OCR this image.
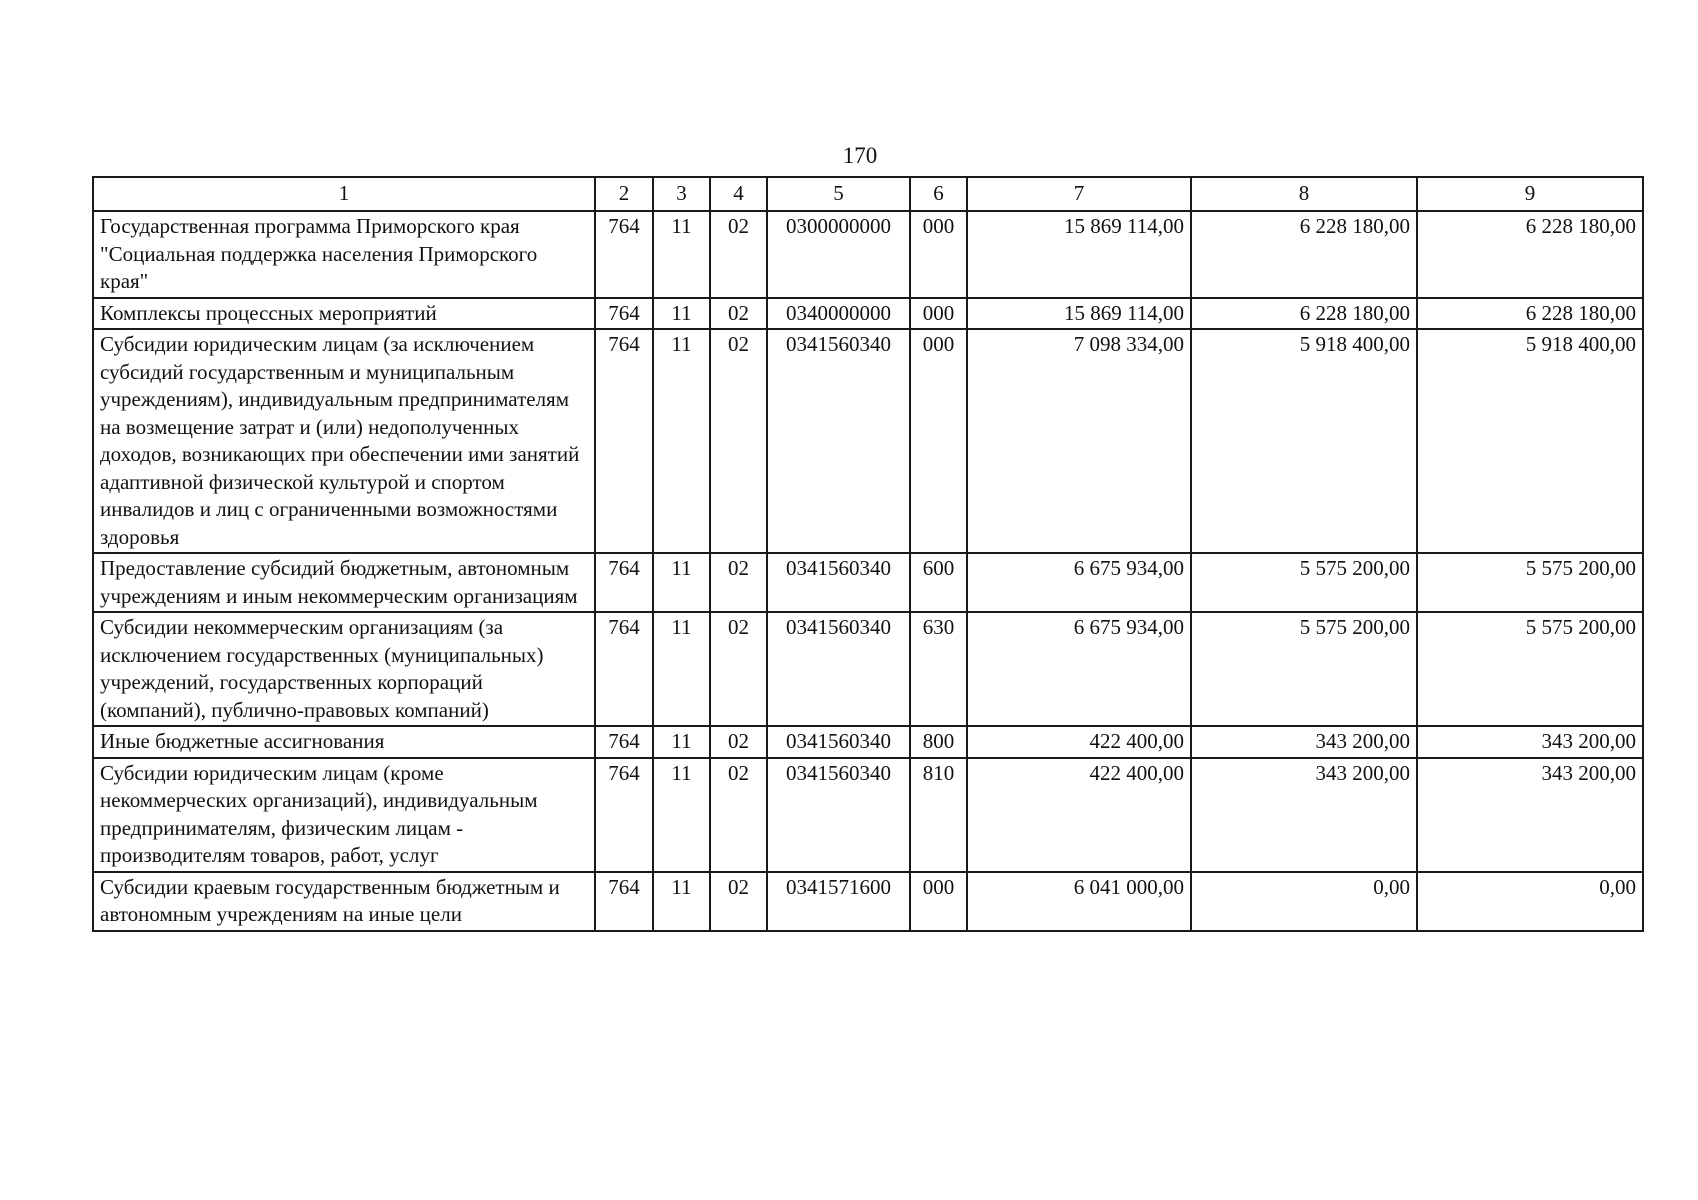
170
1	2	3	4	5	6	7	8	9
Государственная программа Приморского края "Социальная поддержка населения Приморского края"	764	11	02	0300000000	000	15 869 114,00	6 228 180,00	6 228 180,00
Комплексы процессных мероприятий	764	11	02	0340000000	000	15 869 114,00	6 228 180,00	6 228 180,00
Субсидии юридическим лицам (за исключением субсидий государственным и муниципальным учреждениям), индивидуальным предпринимателям на возмещение затрат и (или) недополученных доходов, возникающих при обеспечении ими занятий адаптивной физической культурой и спортом инвалидов и лиц с ограниченными возможностями здоровья	764	11	02	0341560340	000	7 098 334,00	5 918 400,00	5 918 400,00
Предоставление субсидий бюджетным, автономным учреждениям и иным некоммерческим организациям	764	11	02	0341560340	600	6 675 934,00	5 575 200,00	5 575 200,00
Субсидии некоммерческим организациям (за исключением государственных (муниципальных) учреждений, государственных корпораций (компаний), публично-правовых компаний)	764	11	02	0341560340	630	6 675 934,00	5 575 200,00	5 575 200,00
Иные бюджетные ассигнования	764	11	02	0341560340	800	422 400,00	343 200,00	343 200,00
Субсидии юридическим лицам (кроме некоммерческих организаций), индивидуальным предпринимателям, физическим лицам - производителям товаров, работ, услуг	764	11	02	0341560340	810	422 400,00	343 200,00	343 200,00
Субсидии краевым государственным бюджетным и автономным учреждениям на иные цели	764	11	02	0341571600	000	6 041 000,00	0,00	0,00
